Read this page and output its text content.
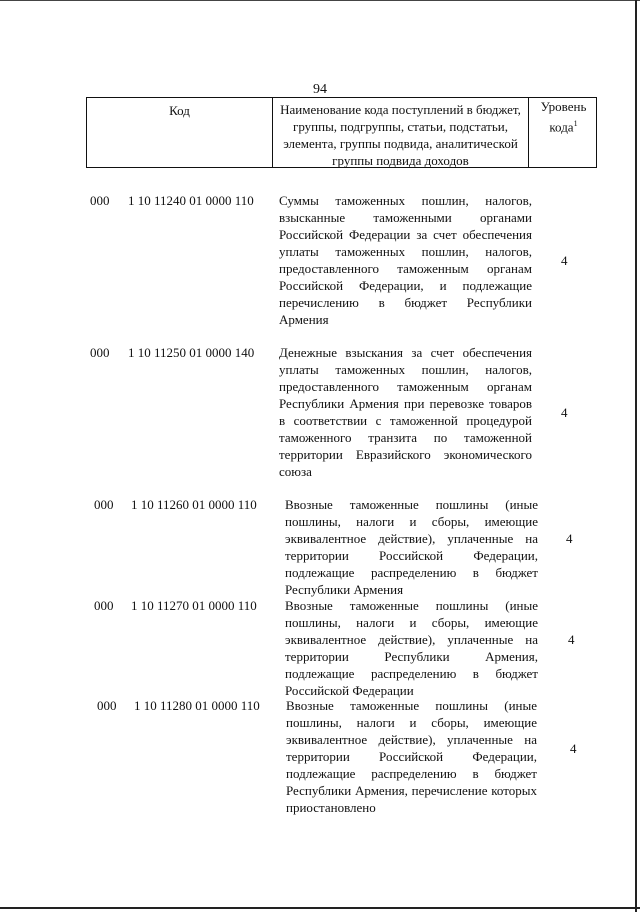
94
Код	Наименование кода поступлений в бюджет, группы, подгруппы, статьи, подстатьи, элемента, группы подвида, аналитической группы подвида доходов
Уровень кода$^1$
000 1 10 11240 01 0000 110 Суммы таможенных пошлин, налогов, взысканные таможенными органами Российской Федерации за счет обеспечения уплаты таможенных пошлин, налогов, предоставленного таможенным органам Российской Федерации, и подлежащие перечислению в бюджет Республики Армения
4
000 1 10 11250 01 0000 140 Денежные взыскания за счет обеспечения уплаты таможенных пошлин, налогов, предоставленного таможенным органам Республики Армения при перевозке товаров в соответствии с таможенной процедурой таможенного транзита по таможенной территории Евразийского экономического союза
4
000 1 10 11260 01 0000 110 Ввозные таможенные пошлины (иные пошлины, налоги и сборы, имеющие эквивалентное действие), уплаченные на территории Российской Федерации, подлежащие распределению в бюджет Республики Армения
4
000 1 10 11270 01 0000 110 Ввозные таможенные пошлины (иные пошлины, налоги и сборы, имеющие эквивалентное действие), уплаченные на территории Республики Армения, подлежащие распределению в бюджет Российской Федерации
4
000 1 10 11280 01 0000 110 Ввозные таможенные пошлины (иные пошлины, налоги и сборы, имеющие эквивалентное действие), уплаченные на территории Российской Федерации, подлежащие распределению в бюджет Республики Армения, перечисление которых приостановлено
4
